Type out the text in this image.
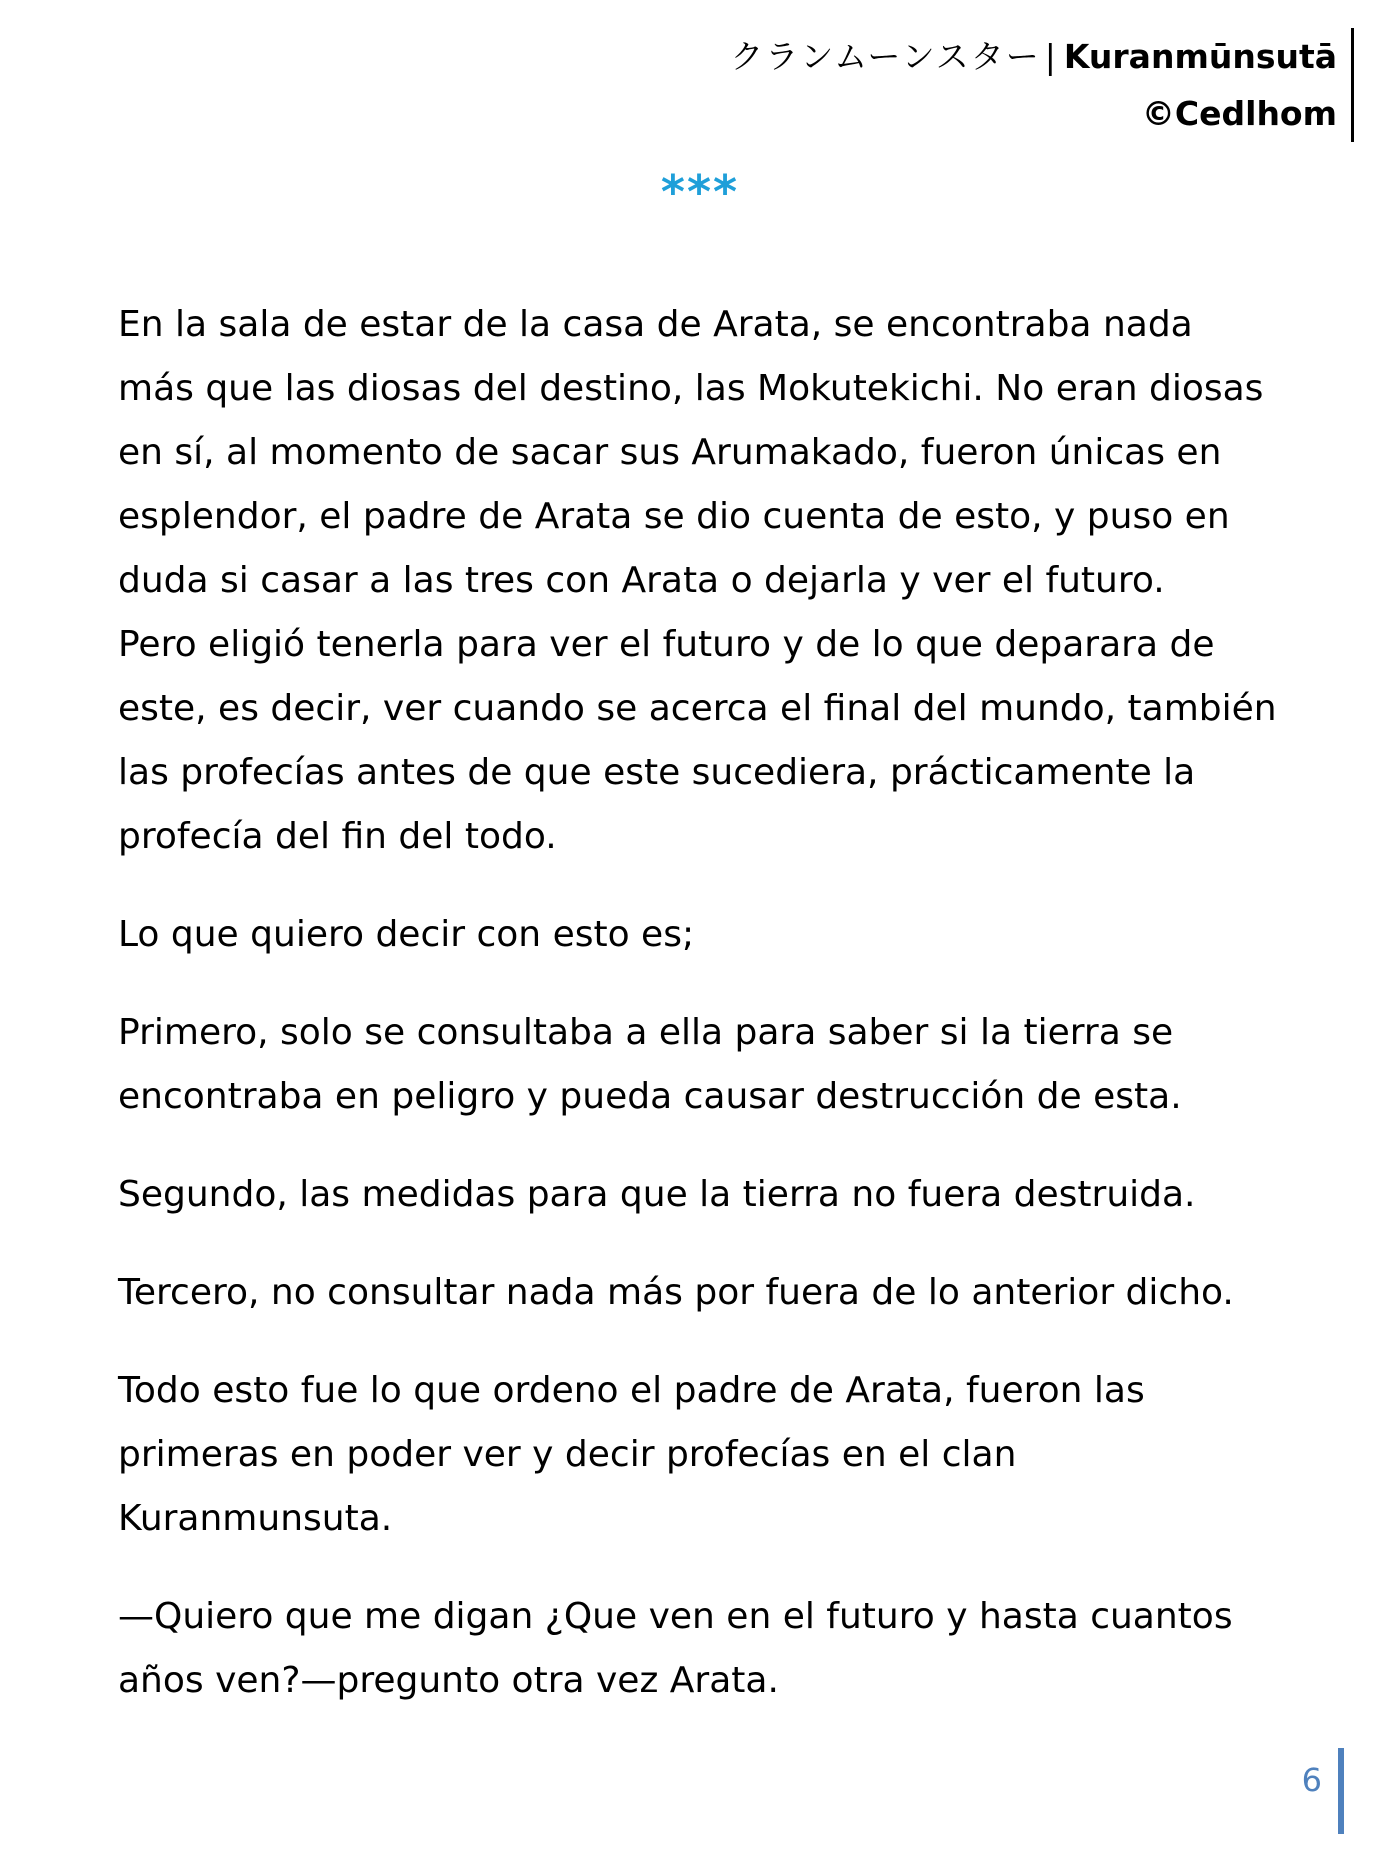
クランムーンスター | Kuranmūnsutā
©Cedlhom
***

En la sala de estar de la casa de Arata, se encontraba nada
más que las diosas del destino, las Mokutekichi. No eran diosas
en sí, al momento de sacar sus Arumakado, fueron únicas en
esplendor, el padre de Arata se dio cuenta de esto, y puso en
duda si casar a las tres con Arata o dejarla y ver el futuro.
Pero eligió tenerla para ver el futuro y de lo que deparara de
este, es decir, ver cuando se acerca el final del mundo, también
las profecías antes de que este sucediera, prácticamente la
profecía del fin del todo.

Lo que quiero decir con esto es;

Primero, solo se consultaba a ella para saber si la tierra se
encontraba en peligro y pueda causar destrucción de esta.

Segundo, las medidas para que la tierra no fuera destruida.

Tercero, no consultar nada más por fuera de lo anterior dicho.

Todo esto fue lo que ordeno el padre de Arata, fueron las
primeras en poder ver y decir profecías en el clan
Kuranmunsuta.

—Quiero que me digan ¿Que ven en el futuro y hasta cuantos
años ven?—pregunto otra vez Arata.

6
